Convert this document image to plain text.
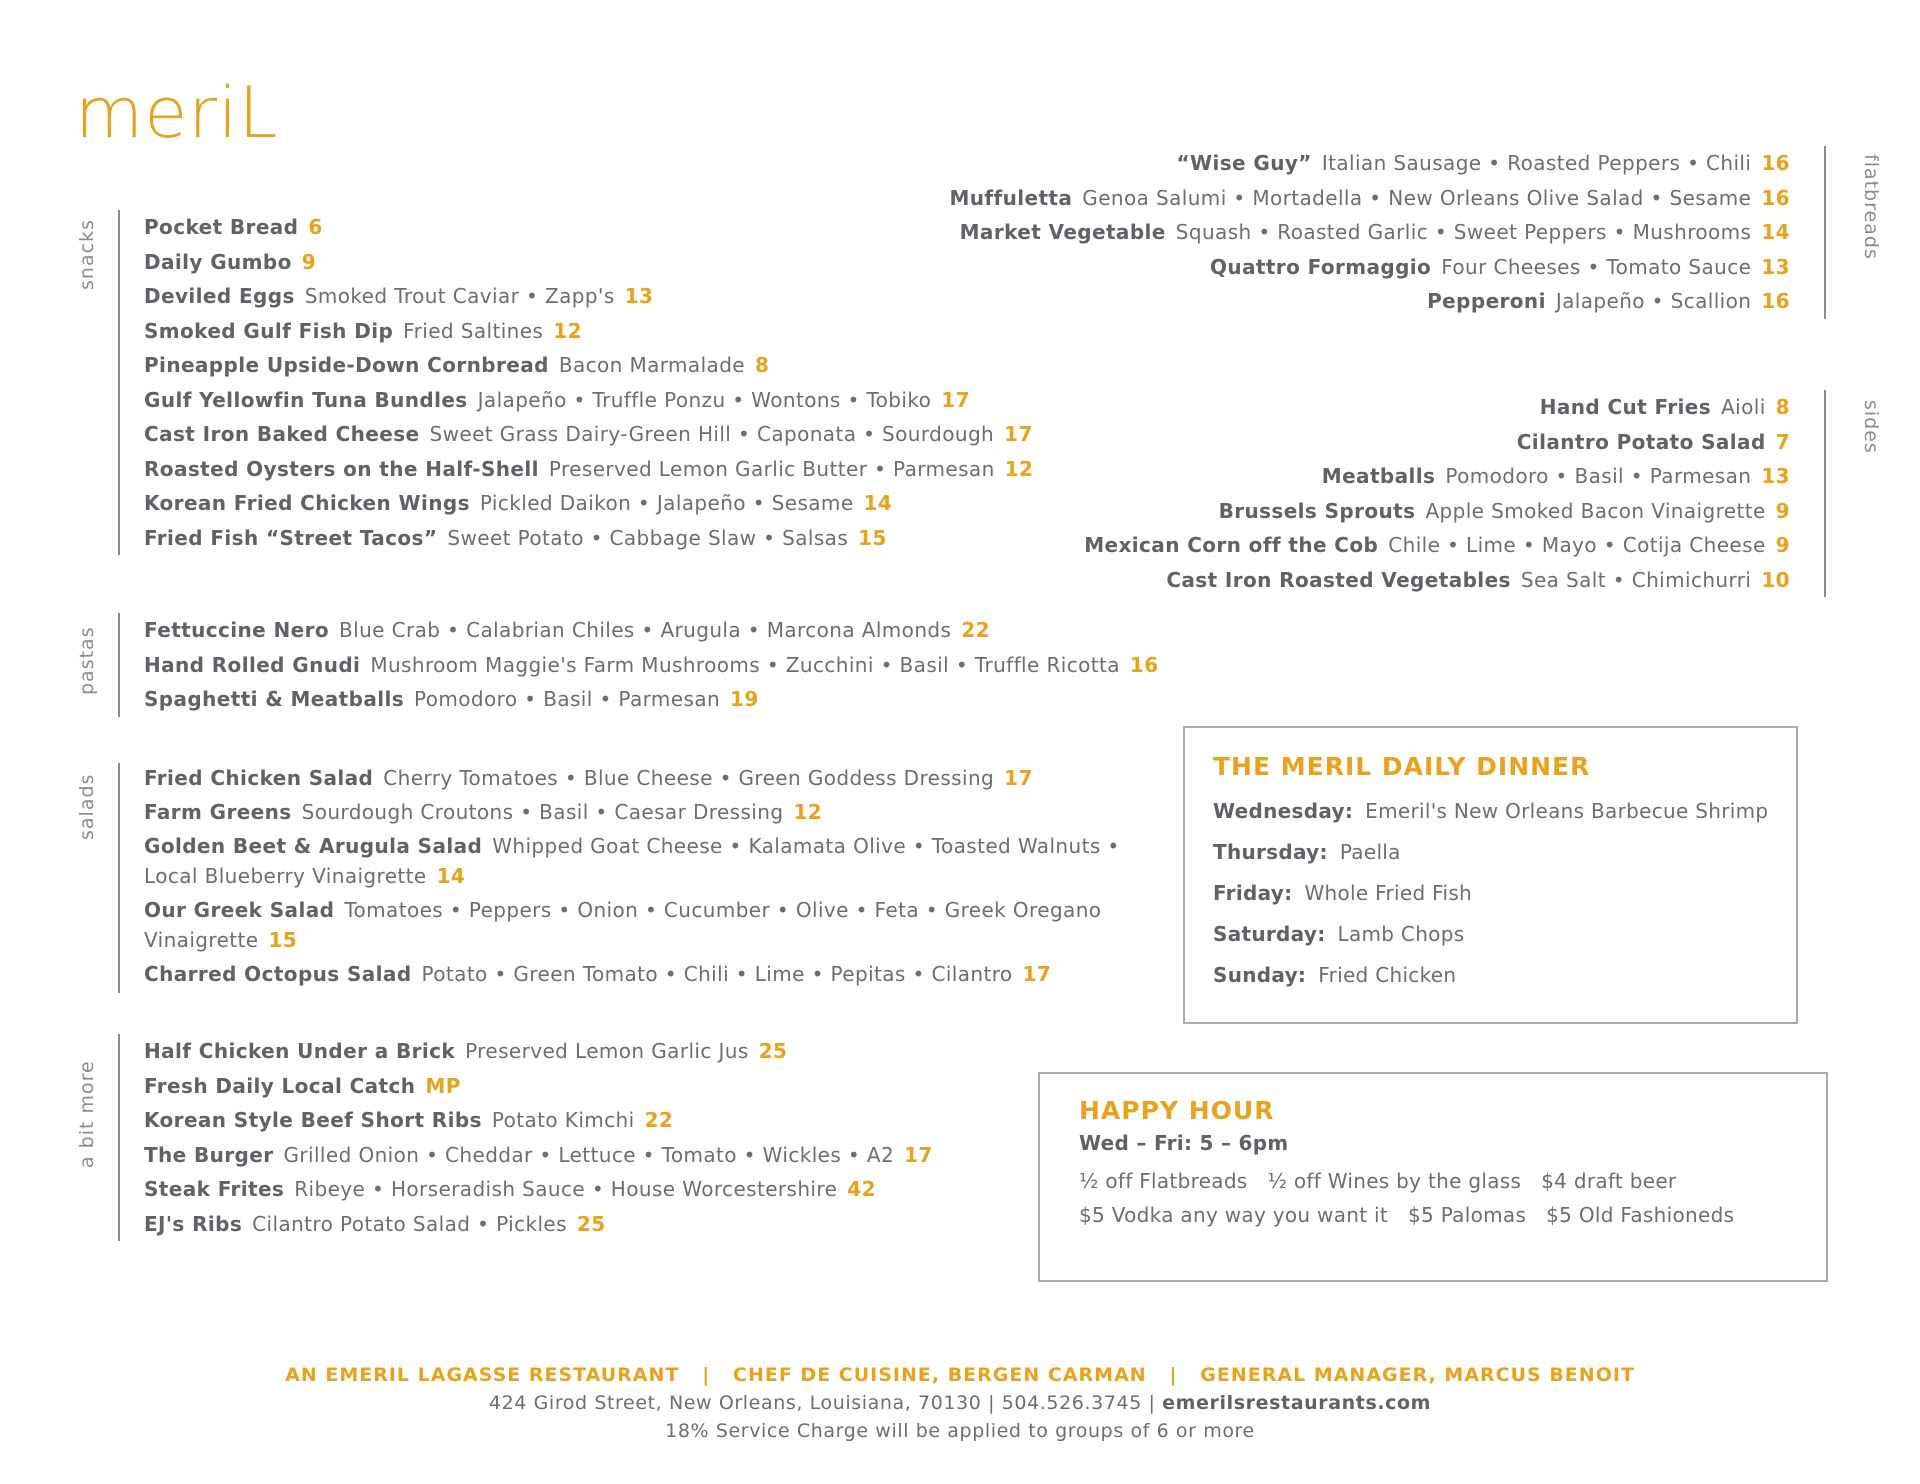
meriL
snacks
pastas
salads
a bit more
flatbreads
sides
Pocket Bread 6
Daily Gumbo 9
Deviled Eggs Smoked Trout Caviar • Zapp's 13
Smoked Gulf Fish Dip Fried Saltines 12
Pineapple Upside-Down Cornbread Bacon Marmalade 8
Gulf Yellowfin Tuna Bundles Jalapeño • Truffle Ponzu • Wontons • Tobiko 17
Cast Iron Baked Cheese Sweet Grass Dairy-Green Hill • Caponata • Sourdough 17
Roasted Oysters on the Half-Shell Preserved Lemon Garlic Butter • Parmesan 12
Korean Fried Chicken Wings Pickled Daikon • Jalapeño • Sesame 14
Fried Fish “Street Tacos” Sweet Potato • Cabbage Slaw • Salsas 15
Fettuccine Nero Blue Crab • Calabrian Chiles • Arugula • Marcona Almonds 22
Hand Rolled Gnudi Mushroom Maggie's Farm Mushrooms • Zucchini • Basil • Truffle Ricotta 16
Spaghetti & Meatballs Pomodoro • Basil • Parmesan 19
Fried Chicken Salad Cherry Tomatoes • Blue Cheese • Green Goddess Dressing 17
Farm Greens Sourdough Croutons • Basil • Caesar Dressing 12
Golden Beet & Arugula Salad Whipped Goat Cheese • Kalamata Olive • Toasted Walnuts • Local Blueberry Vinaigrette 14
Our Greek Salad Tomatoes • Peppers • Onion • Cucumber • Olive • Feta • Greek Oregano Vinaigrette 15
Charred Octopus Salad Potato • Green Tomato • Chili • Lime • Pepitas • Cilantro 17
Half Chicken Under a Brick Preserved Lemon Garlic Jus 25
Fresh Daily Local Catch MP
Korean Style Beef Short Ribs Potato Kimchi 22
The Burger Grilled Onion • Cheddar • Lettuce • Tomato • Wickles • A2 17
Steak Frites Ribeye • Horseradish Sauce • House Worcestershire 42
EJ's Ribs Cilantro Potato Salad • Pickles 25
“Wise Guy” Italian Sausage • Roasted Peppers • Chili 16
Muffuletta Genoa Salumi • Mortadella • New Orleans Olive Salad • Sesame 16
Market Vegetable Squash • Roasted Garlic • Sweet Peppers • Mushrooms 14
Quattro Formaggio Four Cheeses • Tomato Sauce 13
Pepperoni Jalapeño • Scallion 16
Hand Cut Fries Aioli 8
Cilantro Potato Salad 7
Meatballs Pomodoro • Basil • Parmesan 13
Brussels Sprouts Apple Smoked Bacon Vinaigrette 9
Mexican Corn off the Cob Chile • Lime • Mayo • Cotija Cheese 9
Cast Iron Roasted Vegetables Sea Salt • Chimichurri 10
THE MERIL DAILY DINNER
Wednesday: Emeril's New Orleans Barbecue Shrimp
Thursday: Paella
Friday: Whole Fried Fish
Saturday: Lamb Chops
Sunday: Fried Chicken
HAPPY HOUR
Wed – Fri: 5 – 6pm
½ off Flatbreads   ½ off Wines by the glass   $4 draft beer
$5 Vodka any way you want it   $5 Palomas   $5 Old Fashioneds
AN EMERIL LAGASSE RESTAURANT   |   CHEF DE CUISINE, BERGEN CARMAN   |   GENERAL MANAGER, MARCUS BENOIT
424 Girod Street, New Orleans, Louisiana, 70130 | 504.526.3745 | emerilsrestaurants.com
18% Service Charge will be applied to groups of 6 or more
